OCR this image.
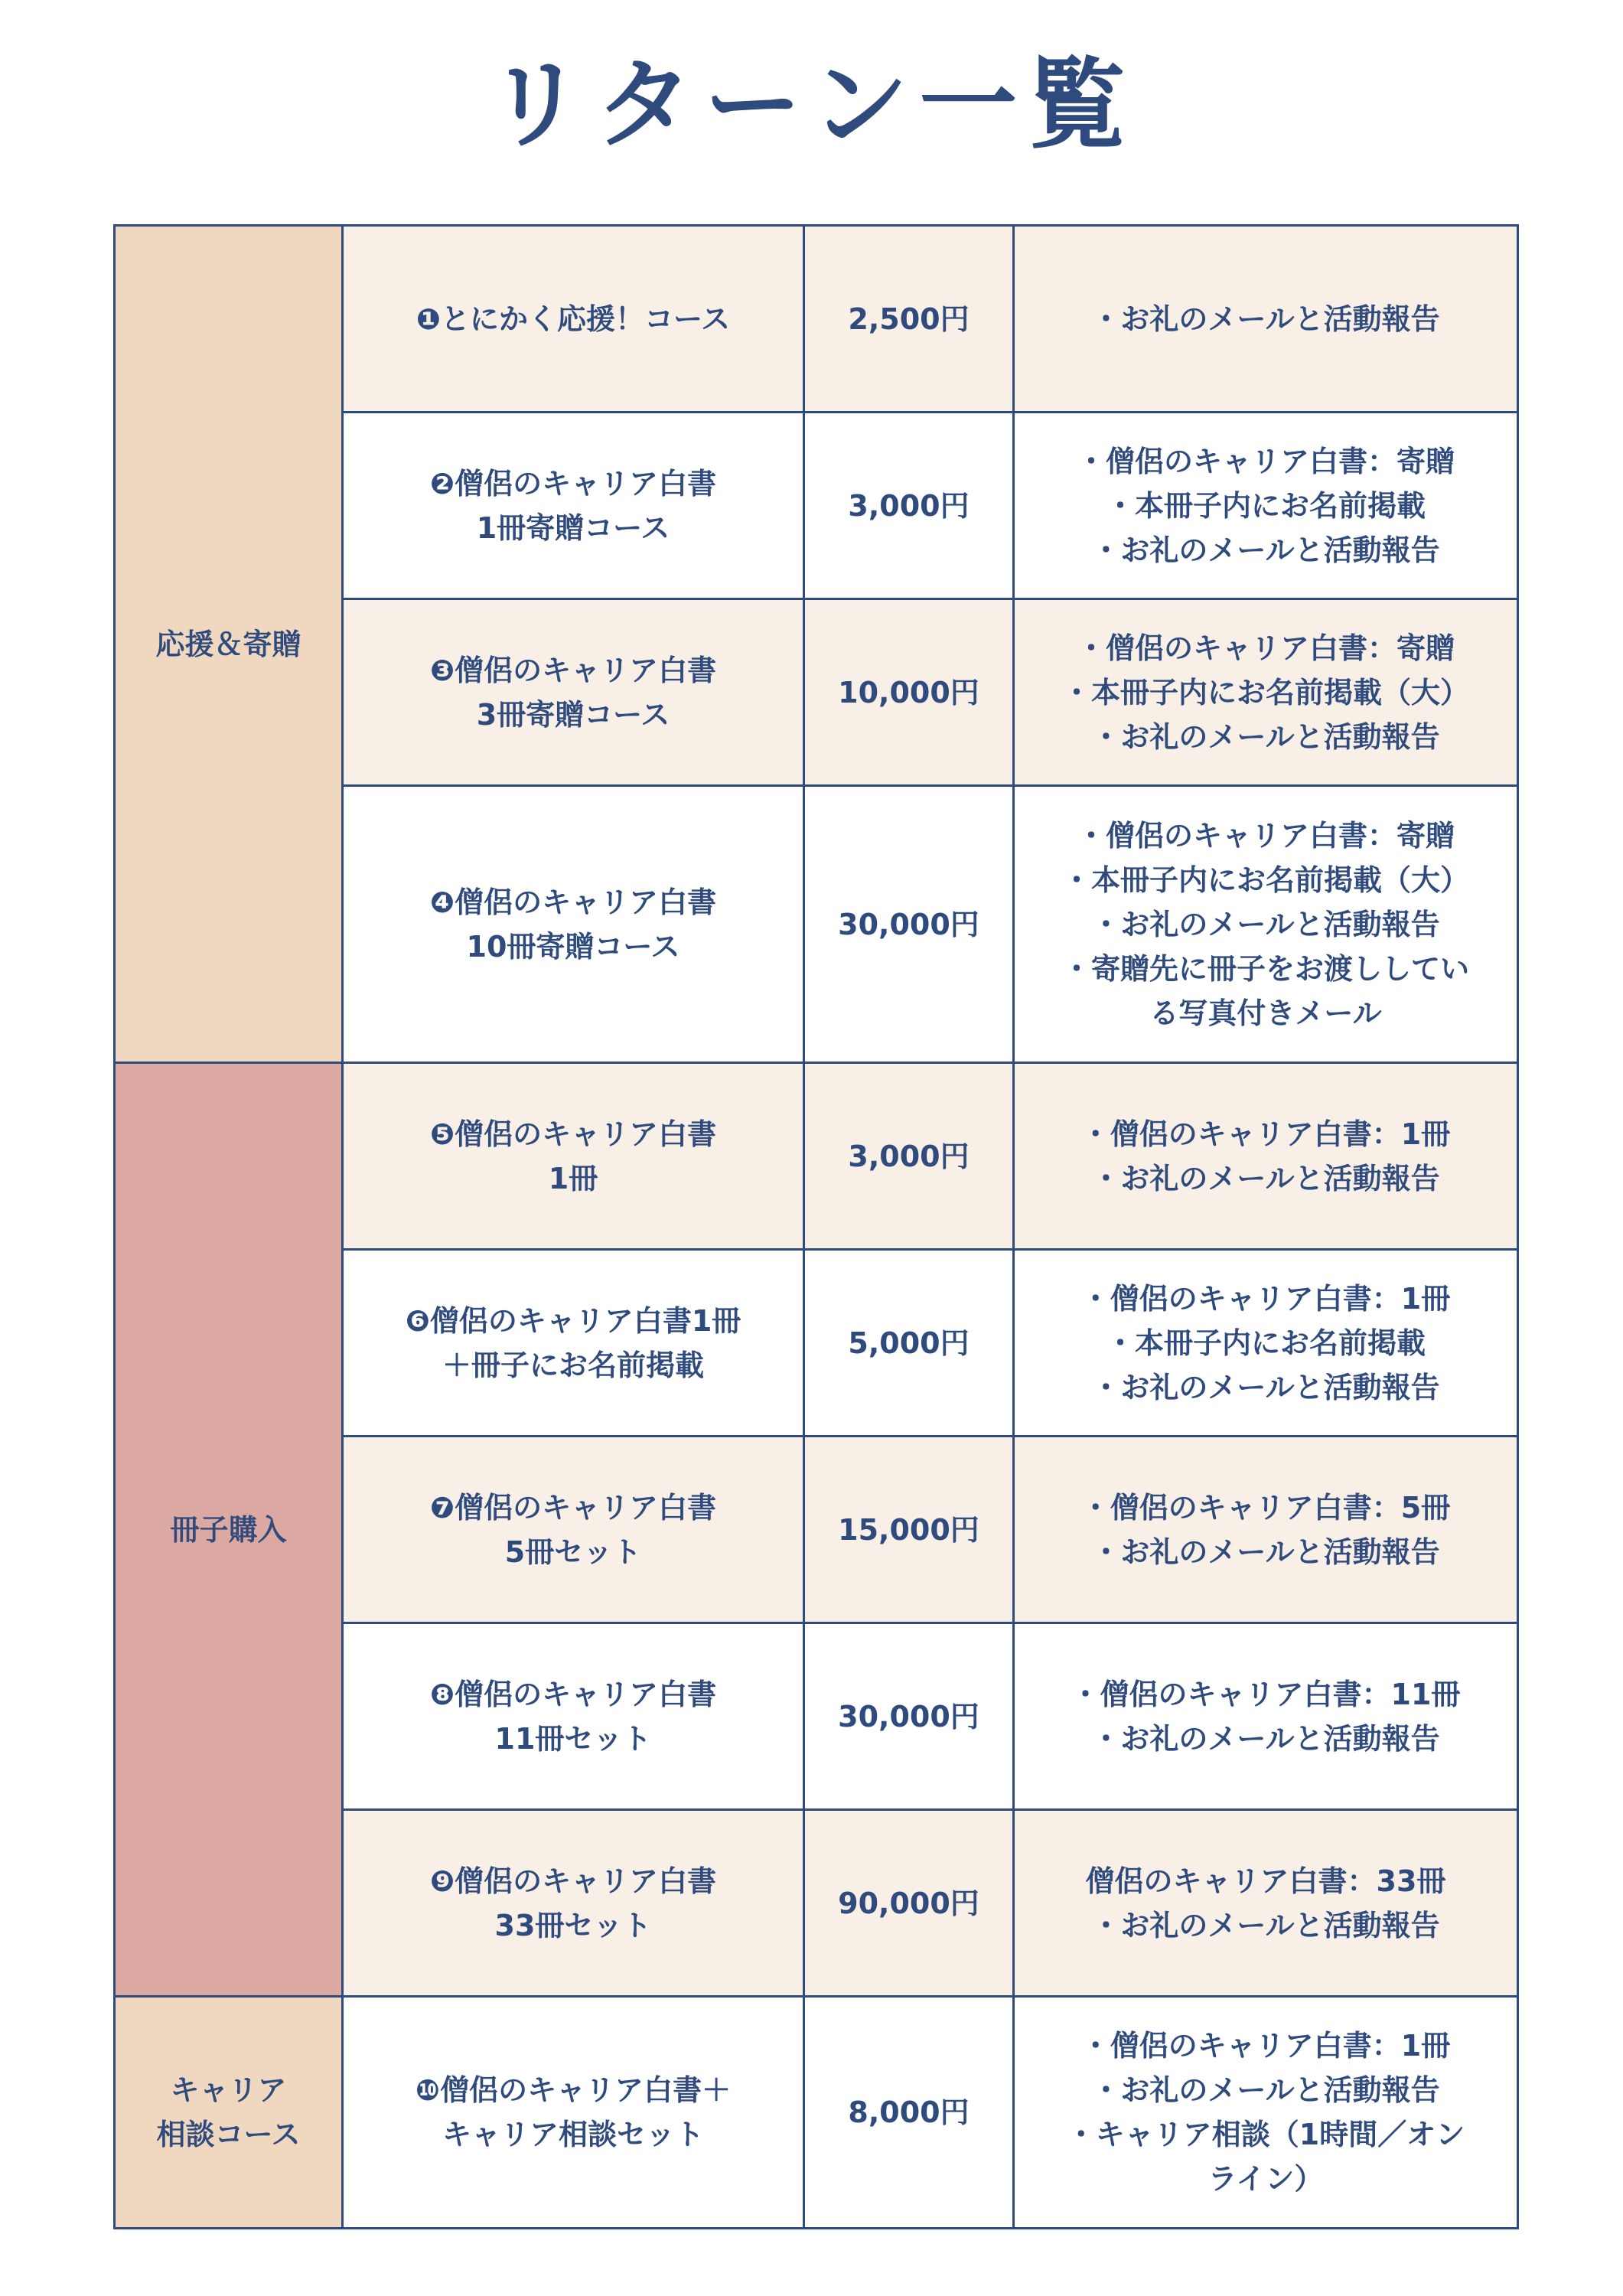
リターン一覧
応援＆寄贈	❶とにかく応援！コース	2,500円	・お礼のメールと活動報告

	❷僧侶のキャリア白書
1冊寄贈コース	3,000円	・僧侶のキャリア白書：寄贈
・本冊子内にお名前掲載
・お礼のメールと活動報告

	❸僧侶のキャリア白書
3冊寄贈コース	10,000円	・僧侶のキャリア白書：寄贈
・本冊子内にお名前掲載（大）
・お礼のメールと活動報告

	❹僧侶のキャリア白書
10冊寄贈コース	30,000円	・僧侶のキャリア白書：寄贈
・本冊子内にお名前掲載（大）
・お礼のメールと活動報告
・寄贈先に冊子をお渡ししてい
る写真付きメール

冊子購入	❺僧侶のキャリア白書
1冊	3,000円	・僧侶のキャリア白書：1冊
・お礼のメールと活動報告

	❻僧侶のキャリア白書1冊
＋冊子にお名前掲載	5,000円	・僧侶のキャリア白書：1冊
・本冊子内にお名前掲載
・お礼のメールと活動報告

	❼僧侶のキャリア白書
5冊セット	15,000円	・僧侶のキャリア白書：5冊
・お礼のメールと活動報告

	❽僧侶のキャリア白書
11冊セット	30,000円	・僧侶のキャリア白書：11冊
・お礼のメールと活動報告

	❾僧侶のキャリア白書
33冊セット	90,000円	僧侶のキャリア白書：33冊
・お礼のメールと活動報告

キャリア
相談コース	❿僧侶のキャリア白書＋
キャリア相談セット	8,000円	・僧侶のキャリア白書：1冊
・お礼のメールと活動報告
・キャリア相談（1時間／オン
ライン）
